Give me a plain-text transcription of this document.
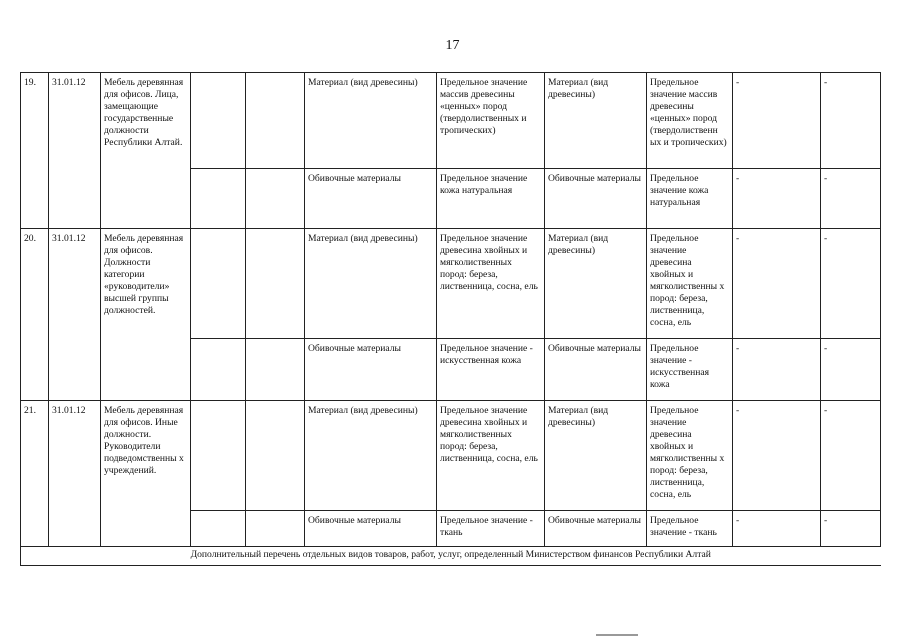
17
19.	31.01.12	Мебель деревянная для офисов. Лица, замещающие государственные должности Республики Алтай.			Материал (вид древесины)	Предельное значение массив древесины «ценных» пород (твердолиственных и тропических)	Материал (вид древесины)	Предельное значение массив древесины «ценных» пород (твердолиственн ых и тропических)	-	-
					Обивочные материалы	Предельное значение кожа натуральная	Обивочные материалы	Предельное значение кожа натуральная	-	-
20.	31.01.12	Мебель деревянная для офисов. Должности категории «руководители» высшей группы должностей.			Материал (вид древесины)	Предельное значение древесина хвойных и мягколиственных пород: береза, лиственница, сосна, ель	Материал (вид древесины)	Предельное значение древесина хвойных и мягколиственны х пород: береза, лиственница, сосна, ель	-	-
					Обивочные материалы	Предельное значение - искусственная кожа	Обивочные материалы	Предельное значение - искусственная кожа	-	-
21.	31.01.12	Мебель деревянная для офисов. Иные должности. Руководители подведомственны х учреждений.			Материал (вид древесины)	Предельное значение древесина хвойных и мягколиственных пород: береза, лиственница, сосна, ель	Материал (вид древесины)	Предельное значение древесина хвойных и мягколиственны х пород: береза, лиственница, сосна, ель	-	-
					Обивочные материалы	Предельное значение - ткань	Обивочные материалы	Предельное значение - ткань	-	-
Дополнительный перечень отдельных видов товаров, работ, услуг, определенный Министерством финансов Республики Алтай										
